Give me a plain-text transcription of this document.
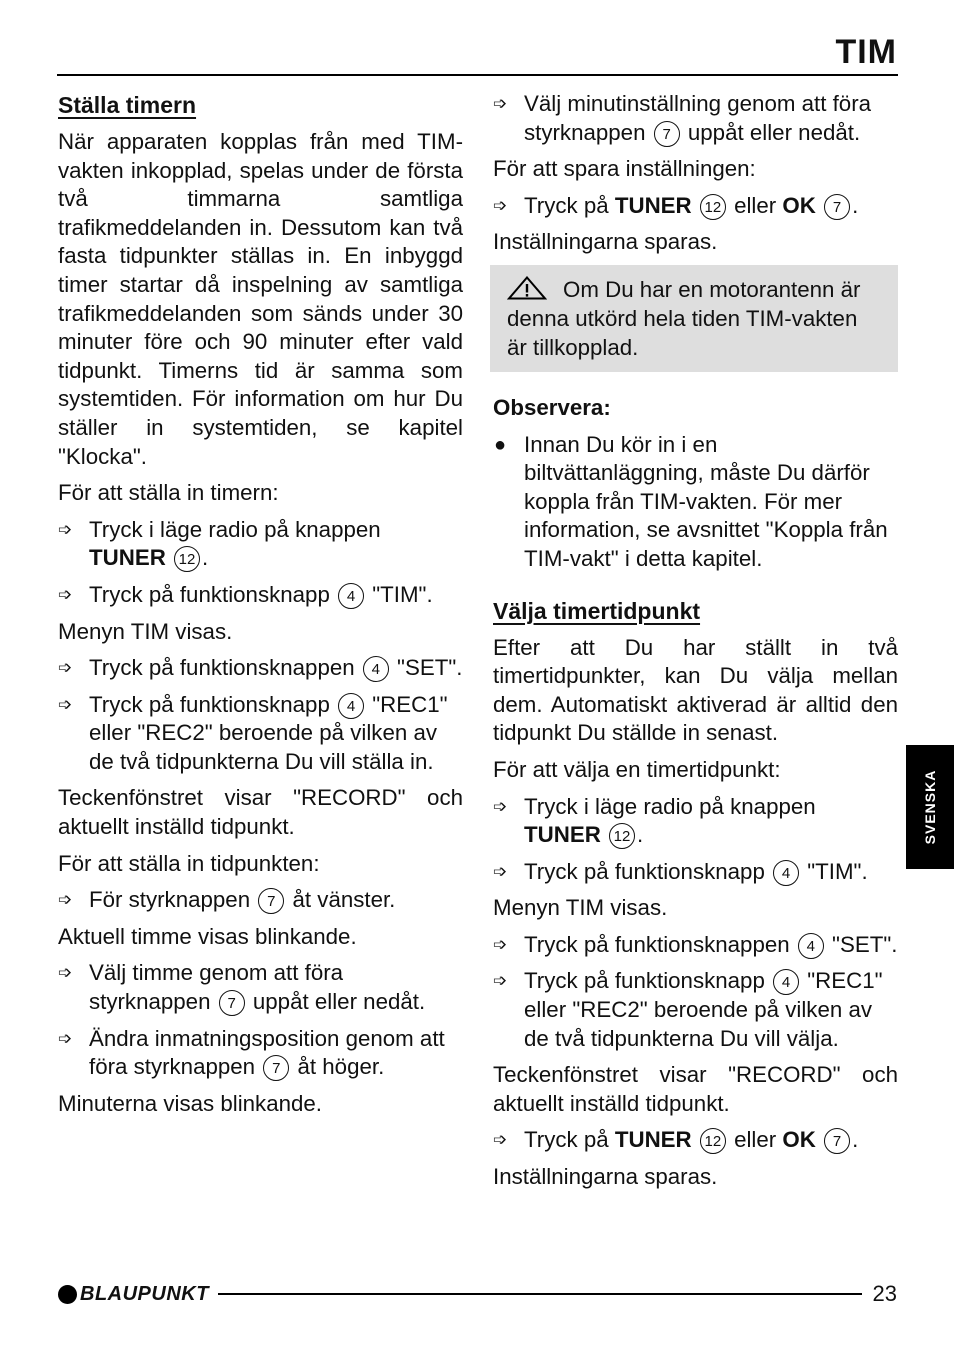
TIM
Ställa timern

När apparaten kopplas från med TIM-vakten inkopplad, spelas under de första två timmarna samtliga trafikmeddelanden in. Dessutom kan två fasta tidpunkter ställas in. En inbyggd timer startar då inspelning av samtliga trafikmeddelanden som sänds under 30 minuter före och 90 minuter efter vald tidpunkt. Timerns tid är samma som systemtiden. För information om hur Du ställer in systemtiden, se kapitel "Klocka".

För att ställa in timern:

➩ Tryck i läge radio på knappen TUNER 12 .
➩ Tryck på funktionsknapp 4 "TIM".

Menyn TIM visas.

➩ Tryck på funktionsknappen 4 "SET".
➩ Tryck på funktionsknapp 4 "REC1" eller "REC2" beroende på vilken av de två tidpunkterna Du vill ställa in.

Teckenfönstret visar "RECORD" och aktuellt inställd tidpunkt.

För att ställa in tidpunkten:

➩ För styrknappen 7 åt vänster.

Aktuell timme visas blinkande.

➩ Välj timme genom att föra styrknappen 7 uppåt eller nedåt.
➩ Ändra inmatningsposition genom att föra styrknappen 7 åt höger.

Minuterna visas blinkande.

➩ Välj minutinställning genom att föra styrknappen 7 uppåt eller nedåt.

För att spara inställningen:

➩ Tryck på TUNER 12 eller OK 7 .

Inställningarna sparas.

Om Du har en motorantenn är denna utkörd hela tiden TIM-vakten är tillkopplad.

Observera:

● Innan Du kör in i en biltvättanläggning, måste Du därför koppla från TIM-vakten. För mer information, se avsnittet "Koppla från TIM-vakt" i detta kapitel.
Välja timertidpunkt

Efter att Du har ställt in två timertidpunkter, kan Du välja mellan dem. Automatiskt aktiverad är alltid den tidpunkt Du ställde in senast.

För att välja en timertidpunkt:

➩ Tryck i läge radio på knappen TUNER 12 .
➩ Tryck på funktionsknapp 4 "TIM".

Menyn TIM visas.

➩ Tryck på funktionsknappen 4 "SET".
➩ Tryck på funktionsknapp 4 "REC1" eller "REC2" beroende på vilken av de två tidpunkterna Du vill välja.

Teckenfönstret visar "RECORD" och aktuellt inställd tidpunkt.

➩ Tryck på TUNER 12 eller OK 7 .

Inställningarna sparas.

SVENSKA
BLAUPUNKT	23
